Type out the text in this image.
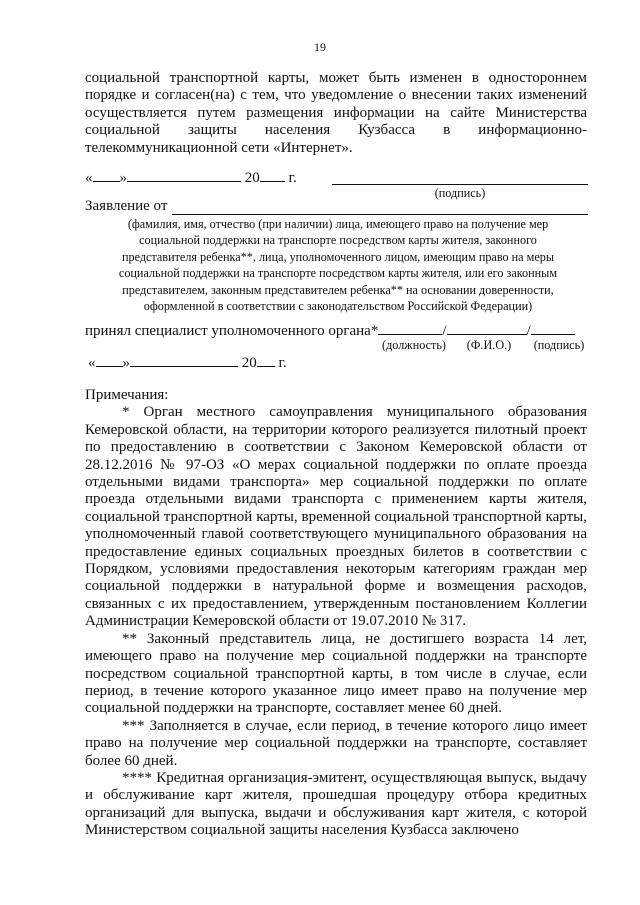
19
социальной транспортной карты, может быть изменен в одностороннем порядке и согласен(на) с тем, что уведомление о внесении таких изменений осуществляется путем размещения информации на сайте Министерства социальной защиты населения Кузбасса в информационно-телекоммуникационной сети «Интернет».
« »	20 г.
(подпись)
Заявление от
(фамилия, имя, отчество (при наличии) лица, имеющего право на получение мер социальной поддержки на транспорте посредством карты жителя, законного представителя ребенка**, лица, уполномоченного лицом, имеющим право на меры социальной поддержки на транспорте посредством карты жителя, или его законным представителем, законным представителем ребенка** на основании доверенности, оформленной в соответствии с законодательством Российской Федерации)
принял специалист уполномоченного органа*	/	/
(должность)	(Ф.И.О.)	(подпись)
« »	20 г.

Примечания:

* Орган местного самоуправления муниципального образования Кемеровской области, на территории которого реализуется пилотный проект по предоставлению в соответствии с Законом Кемеровской области от 28.12.2016 № 97-ОЗ «О мерах социальной поддержки по оплате проезда отдельными видами транспорта» мер социальной поддержки по оплате проезда отдельными видами транспорта с применением карты жителя, социальной транспортной карты, временной социальной транспортной карты, уполномоченный главой соответствующего муниципального образования на предоставление единых социальных проездных билетов в соответствии с Порядком, условиями предоставления некоторым категориям граждан мер социальной поддержки в натуральной форме и возмещения расходов, связанных с их предоставлением, утвержденным постановлением Коллегии Администрации Кемеровской области от 19.07.2010 № 317.

** Законный представитель лица, не достигшего возраста 14 лет, имеющего право на получение мер социальной поддержки на транспорте посредством социальной транспортной карты, в том числе в случае, если период, в течение которого указанное лицо имеет право на получение мер социальной поддержки на транспорте, составляет менее 60 дней.

*** Заполняется в случае, если период, в течение которого лицо имеет право на получение мер социальной поддержки на транспорте, составляет более 60 дней.

**** Кредитная организация-эмитент, осуществляющая выпуск, выдачу и обслуживание карт жителя, прошедшая процедуру отбора кредитных организаций для выпуска, выдачи и обслуживания карт жителя, с которой Министерством социальной защиты населения Кузбасса заключено
